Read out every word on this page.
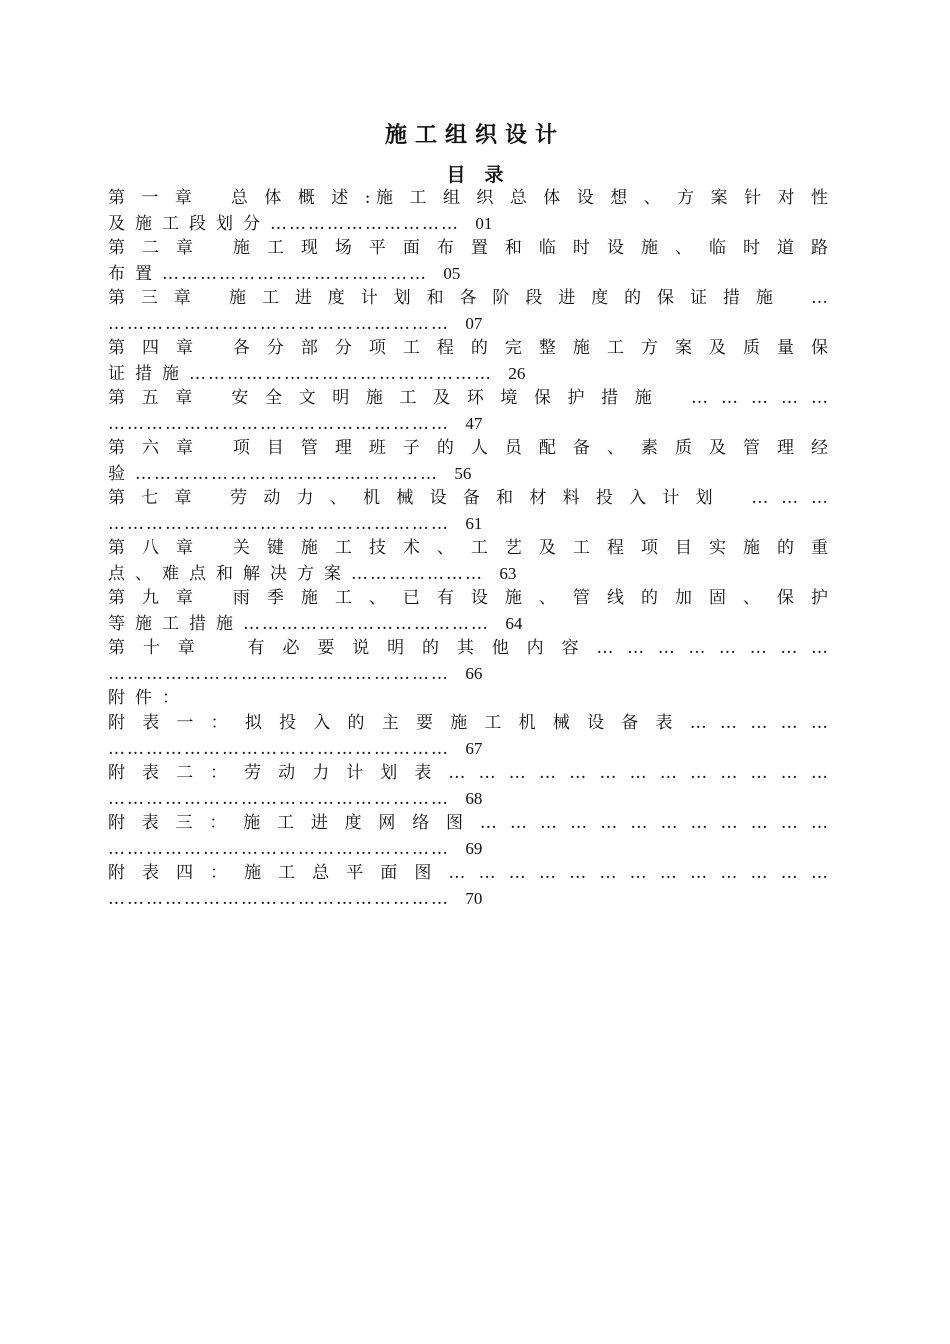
施工组织设计
目　录
第 一 章 　总 体 概 述 :施 工 组 织 总 体 设 想 、 方 案 针 对 性
及施工段划分………………………… 01
第 二 章 　施 工 现 场 平 面 布 置 和 临 时 设 施 、 临 时 道 路
布置…………………………………… 05
第 三 章 　施 工 进 度 计 划 和 各 阶 段 进 度 的 保 证 措 施 　…
……………………………………………… 07
第 四 章 　各 分 部 分 项 工 程 的 完 整 施 工 方 案 及 质 量 保
证措施………………………………………… 26
第 五 章 　安 全 文 明 施 工 及 环 境 保 护 措 施 　… … … … …
……………………………………………… 47
第 六 章 　项 目 管 理 班 子 的 人 员 配 备 、 素 质 及 管 理 经
验………………………………………… 56
第 七 章 　劳 动 力 、 机 械 设 备 和 材 料 投 入 计 划 　… … …
……………………………………………… 61
第 八 章 　关 键 施 工 技 术 、 工 艺 及 工 程 项 目 实 施 的 重
点、难点和解决方案………………… 63
第 九 章 　雨 季 施 工 、 已 有 设 施 、 管 线 的 加 固 、 保 护
等施工措施………………………………… 64
第 十 章 　 有 必 要 说 明 的 其 他 内 容 … … … … … … … …
……………………………………………… 66
附件：
附 表 一 ： 拟 投 入 的 主 要 施 工 机 械 设 备 表 … … … … …
……………………………………………… 67
附 表 二 ： 劳 动 力 计 划 表 … … … … … … … … … … … … …
……………………………………………… 68
附 表 三 ： 施 工 进 度 网 络 图 … … … … … … … … … … … …
……………………………………………… 69
附 表 四 ： 施 工 总 平 面 图 … … … … … … … … … … … … …
……………………………………………… 70
